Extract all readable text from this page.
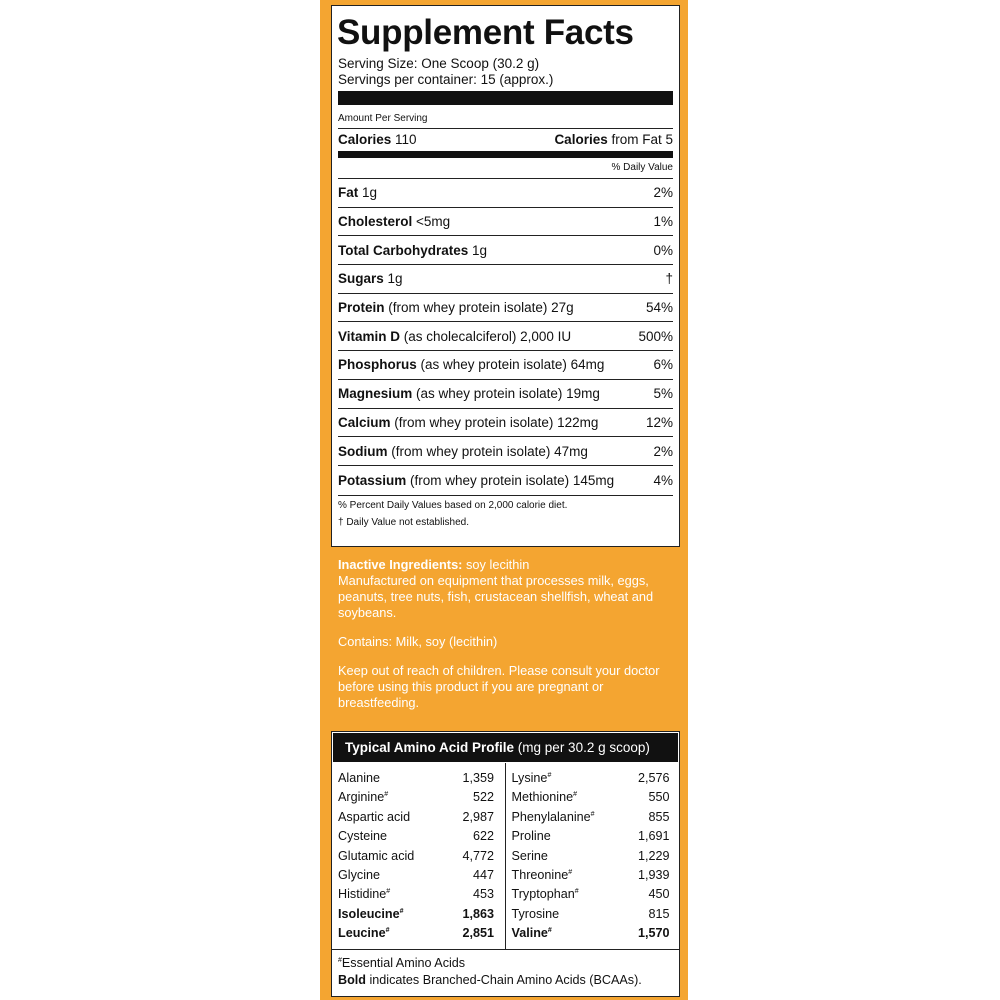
Supplement Facts
Serving Size: One Scoop (30.2 g)
Servings per container: 15 (approx.)
Amount Per Serving
Calories 110	Calories from Fat 5
% Daily Value
Fat 1g	2%
Cholesterol <5mg	1%
Total Carbohydrates 1g	0%
Sugars 1g	†
Protein (from whey protein isolate) 27g	54%
Vitamin D (as cholecalciferol) 2,000 IU	500%
Phosphorus (as whey protein isolate) 64mg	6%
Magnesium (as whey protein isolate) 19mg	5%
Calcium (from whey protein isolate) 122mg	12%
Sodium (from whey protein isolate) 47mg	2%
Potassium (from whey protein isolate) 145mg	4%
% Percent Daily Values based on 2,000 calorie diet.
† Daily Value not established.

Inactive Ingredients: soy lecithin
Manufactured on equipment that processes milk, eggs, peanuts, tree nuts, fish, crustacean shellfish, wheat and soybeans.

Contains: Milk, soy (lecithin)

Keep out of reach of children. Please consult your doctor before using this product if you are pregnant or breastfeeding.

Typical Amino Acid Profile (mg per 30.2 g scoop)
Alanine	1,359
Arginine#	522
Aspartic acid	2,987
Cysteine	622
Glutamic acid	4,772
Glycine	447
Histidine#	453
Isoleucine#	1,863
Leucine#	2,851
Lysine#	2,576
Methionine#	550
Phenylalanine#	855
Proline	1,691
Serine	1,229
Threonine#	1,939
Tryptophan#	450
Tyrosine	815
Valine#	1,570
#Essential Amino Acids
Bold indicates Branched-Chain Amino Acids (BCAAs).
